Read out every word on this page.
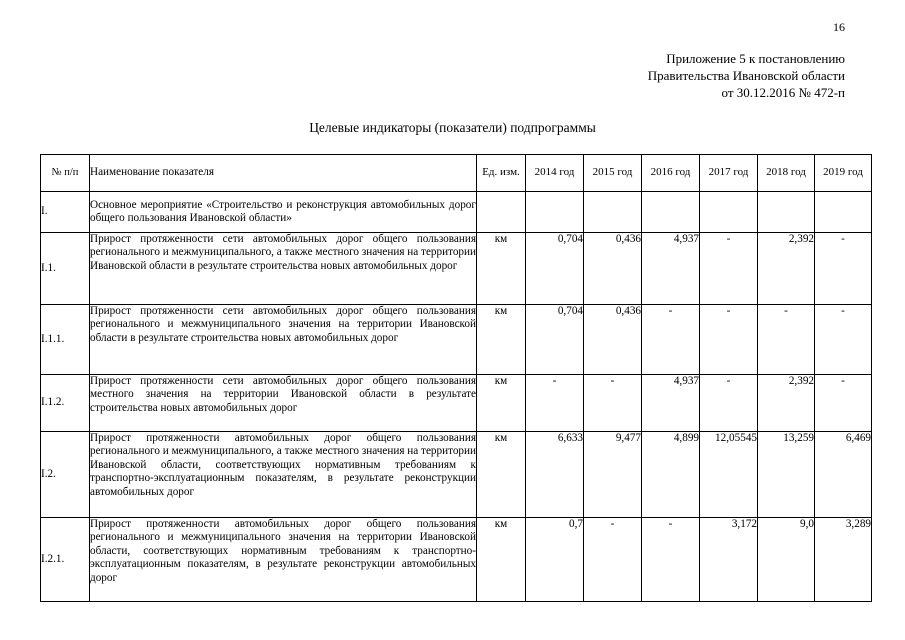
16
Приложение 5 к постановлению
Правительства Ивановской области
от 30.12.2016 № 472-п
Целевые индикаторы (показатели) подпрограммы
№ п/п	Наименование показателя	Ед. изм.	2014 год	2015 год	2016 год	2017 год	2018 год	2019 год
I.	Основное мероприятие «Строительство и реконструкция автомобильных дорог общего пользования Ивановской области»							
I.1.	Прирост протяженности сети автомобильных дорог общего пользования регионального и межмуниципального, а также местного значения на территории Ивановской области в результате строительства новых автомобильных дорог	км	0,704	0,436	4,937	-	2,392	-
I.1.1.	Прирост протяженности сети автомобильных дорог общего пользования регионального и межмуниципального значения на территории Ивановской области в результате строительства новых автомобильных дорог	км	0,704	0,436	-	-	-	-
I.1.2.	Прирост протяженности сети автомобильных дорог общего пользования местного значения на территории Ивановской области в результате строительства новых автомобильных дорог	км	-	-	4,937	-	2,392	-
I.2.	Прирост протяженности автомобильных дорог общего пользования регионального и межмуниципального, а также местного значения на территории Ивановской области, соответствующих нормативным требованиям к транспортно-эксплуатационным показателям, в результате реконструкции автомобильных дорог	км	6,633	9,477	4,899	12,05545	13,259	6,469
I.2.1.	Прирост протяженности автомобильных дорог общего пользования регионального и межмуниципального значения на территории Ивановской области, соответствующих нормативным требованиям к транспортно-эксплуатационным показателям, в результате реконструкции автомобильных дорог	км	0,7	-	-	3,172	9,0	3,289
